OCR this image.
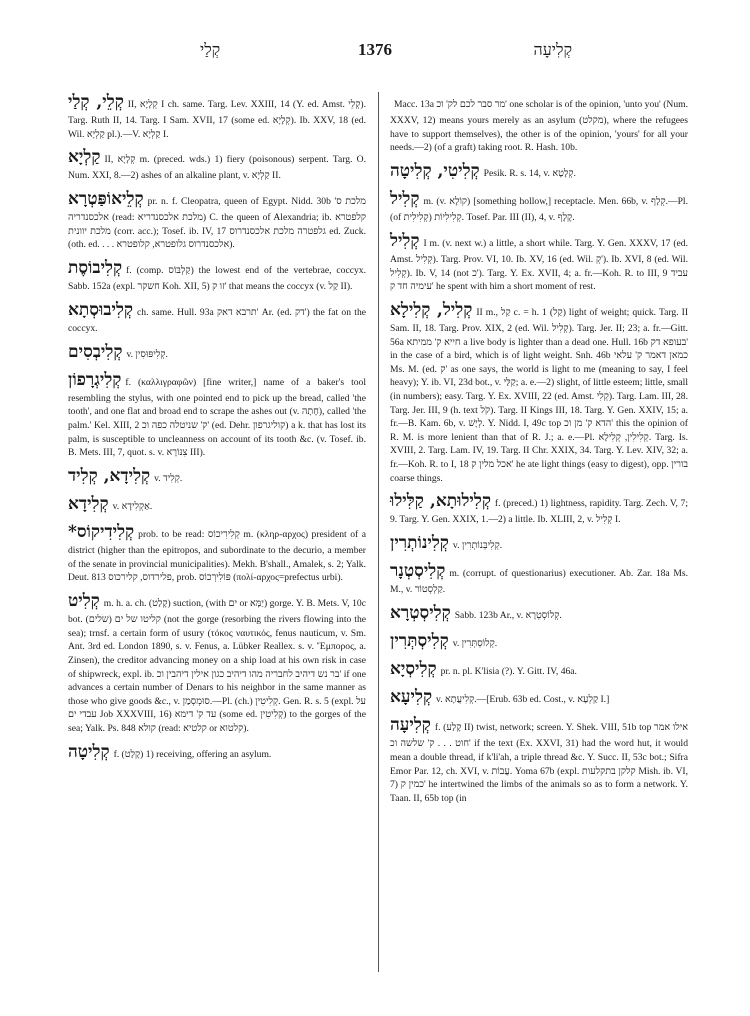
קְלַי	1376	קְלִיעָה

קְלֵי, קְלַי II, קְלָיָא I ch. same. Targ. Lev. XXIII, 14 (Y. ed. Amst. קְלֵי). Targ. Ruth II, 14. Targ. I Sam. XVII, 17 (some ed. קְלָיָא). Ib. XXV, 18 (ed. Wil. קַלְיָא pl.).—V. קַלְיָא I.

קַלְיָא II, קְלָיָא m. (preced. wds.) 1) fiery (poisonous) serpent. Targ. O. Num. XXI, 8.—2) ashes of an alkaline plant, v. קַלְיָא II.

קְלֵיאוֹפַּטְרָא pr. n. f. Cleopatra, queen of Egypt. Nidd. 30b מלכת ס' אלכסנדריה (read: מלכת אלכסנדריא) C. the queen of Alexandria; ib. קלפטרא מלכת יוונית (corr. acc.); Tosef. ib. IV, 17 גלפטרה מלכת אלכסנדרוס ed. Zuck. (oth. ed. . . . אלכסנדרוס גלופטרא, קלופטרא).

קְלִיבוֹסֶת f. (comp. קַלְבּוֹס) the lowest end of the vertebrae, coccyx. Sabb. 152a (expl. חשקר Koh. XII, 5) זו ק' that means the coccyx (v. קַל II).

קְלִיבוּסְתָא ch. same. Hull. 93a תרבא דאק' Ar. (ed. דק') the fat on the coccyx.

קְלִיבְסִים v. קְלִיפּוּסִין.

קְלִיגְרָפוֹן f. (καλλιγραφῶν) [fine writer,] name of a baker's tool resembling the stylus, with one pointed end to pick up the bread, called 'the tooth', and one flat and broad end to scrape the ashes out (v. חָתָה), called 'the palm.' Kel. XIII, 2 ק' שניטלה כפה וכ' (ed. Dehr. קוליגרפון) a k. that has lost its palm, is susceptible to uncleanness on account of its tooth &c. (v. Tosef. ib. B. Mets. III, 7, quot. s. v. צִנּוֹרָא III).

קְלִידָא, קְלִיד v. קְלִיד.

קְלִידָא v. אַקְלִידָא.

*קְלִידִיקוֹס prob. to be read: קְלִירִיכוֹס m. (κληρ-αρχος) president of a district (higher than the epitropos, and subordinate to the decurio, a member of the senate in provincial municipalities). Mekh. B'shall., Amalek, s. 2; Yalk. Deut. 813 פלירדוס, קלירכוס, prob. פּוֹלִירְכוֹס (πολί-αρχος=prefectus urbi).

קְלִיט m. h. a. ch. (קָלַט) suction, (with ים or יַמָּא) gorge. Y. B. Mets. V, 10c bot. (שלים) קליטו של ים (not the gorge (resorbing the rivers flowing into the sea); trnsf. a certain form of usury (τόκος ναυτικός, fenus nauticum, v. Sm. Ant. 3rd ed. London 1890, s. v. Fenus, a. Lübker Reallex. s. v. Ἔμπορος, a. Zinsen), the creditor advancing money on a ship load at his own risk in case of shipwreck, expl. ib. בר נש דיהיב לחבריה מהו דיהיב כגון אילין דיהבין וכ' if one advances a certain number of Denars to his neighbor in the same manner as those who give goods &c., v. סוּמְסְמַן.—Pl. (ch.) קְלִיטִין. Gen. R. s. 5 (expl. על עבדי ים Job XXXVIII, 16) עד ק' דימא (some ed. קְלִיטִין) to the gorges of the sea; Yalk. Ps. 848 קולא (read: קלטיא or קלטוא).

קְלִיטָה f. (קָלַט) 1) receiving, offering an asylum.

Macc. 13a מר סבר לכם לק' וכ' one scholar is of the opinion, 'unto you' (Num. XXXV, 12) means yours merely as an asylum (מקלט), where the refugees have to support themselves), the other is of the opinion, 'yours' for all your needs.—2) (of a graft) taking root. R. Hash. 10b.

קְלִיטִי, קְלִיטָה Pesik. R. s. 14, v. קְלָטָא.

קְלִיל m. (v. קוֹלָא) [something hollow,] receptacle. Men. 66b, v. קְלָף.—Pl. (of קְלִילִית) קְלִילִיוֹת. Tosef. Par. III (II), 4, v. קֶלֶף.

קְלִיל I m. (v. next w.) a little, a short while. Targ. Y. Gen. XXXV, 17 (ed. Amst. קְלִיל). Targ. Prov. VI, 10. Ib. XV, 16 (ed. Wil. קְ'). Ib. XVI, 8 (ed. Wil. קְלִיל). Ib. V, 14 (not כ'). Targ. Y. Ex. XVII, 4; a. fr.—Koh. R. to III, 9 עביד עימיה חד ק' he spent with him a short moment of rest.

קְלִיל, קְלִילָא II m., קַל c. = h. קַל) 1) light of weight; quick. Targ. II Sam. II, 18. Targ. Prov. XIX, 2 (ed. Wil. קְלִיל). Targ. Jer. II; 23; a. fr.—Gitt. 56a חייא ק' ממיתא a live body is lighter than a dead one. Hull. 16b בעופא דק' in the case of a bird, which is of light weight. Snh. 46b כמאן דאמר ק' עלאי Ms. M. (ed. ק' as one says, the world is light to me (meaning to say, I feel heavy); Y. ib. VI, 23d bot., v. קַלַּי; a. e.—2) slight, of little esteem; little, small (in numbers); easy. Targ. Y. Ex. XVIII, 22 (ed. Amst. קְלִי). Targ. Lam. III, 28. Targ. Jer. III, 9 (h. text קֹל). Targ. II Kings III, 18. Targ. Y. Gen. XXIV, 15; a. fr.—B. Kam. 6b, v. לְיָשׁ. Y. Nidd. I, 49c top הדא ק' מן וכ' this the opinion of R. M. is more lenient than that of R. J.; a. e.—Pl. קְלִילִין, קְלִילָא. Targ. Is. XVIII, 2. Targ. Lam. IV, 19. Targ. II Chr. XXIX, 34. Targ. Y. Lev. XIV, 32; a. fr.—Koh. R. to I, 18 אכל מלין ק' he ate light things (easy to digest), opp. בורין coarse things.

קְלִילוּתָא, קַלִּילוּ f. (preced.) 1) lightness, rapidity. Targ. Zech. V, 7; 9. Targ. Y. Gen. XXIX, 1.—2) a little. Ib. XLIII, 2, v. קְלִיל I.

קְלִינוֹתְרִין v. קְלִיבְּנוֹתְרִין.

קְלִיסְטְנָר m. (corrupt. of questionarius) executioner. Ab. Zar. 18a Ms. M., v. קַלְסְטוֹר.

קְלִיסְטְרָא Sabb. 123b Ar., v. קְלוֹסְטְרָא.

קְלִיסְתְּרִין v. קְלוֹסְתְּרִין.

קְלִיסְיָא pr. n. pl. K'lisia (?). Y. Gitt. IV, 46a.

קְלִיעָא v. קְלִיעֲתָא.—[Erub. 63b ed. Cost., v. קַלְעָא I.]

קְלִיעָה f. (קָלַע II) twist, network; screen. Y. Shek. VIII, 51b top אילו אמר חוט . . . ק' שלשה וכ' if the text (Ex. XXVI, 31) had the word hut, it would mean a double thread, if k'li'ah, a triple thread &c. Y. Succ. II, 53c bot.; Sifra Emor Par. 12, ch. XVI, v. עֲבוֹת. Yoma 67b (expl. קלקן בתקלעות Mish. ib. VI, 7) כמין ק' he intertwined the limbs of the animals so as to form a network. Y. Taan. II, 65b top (in
